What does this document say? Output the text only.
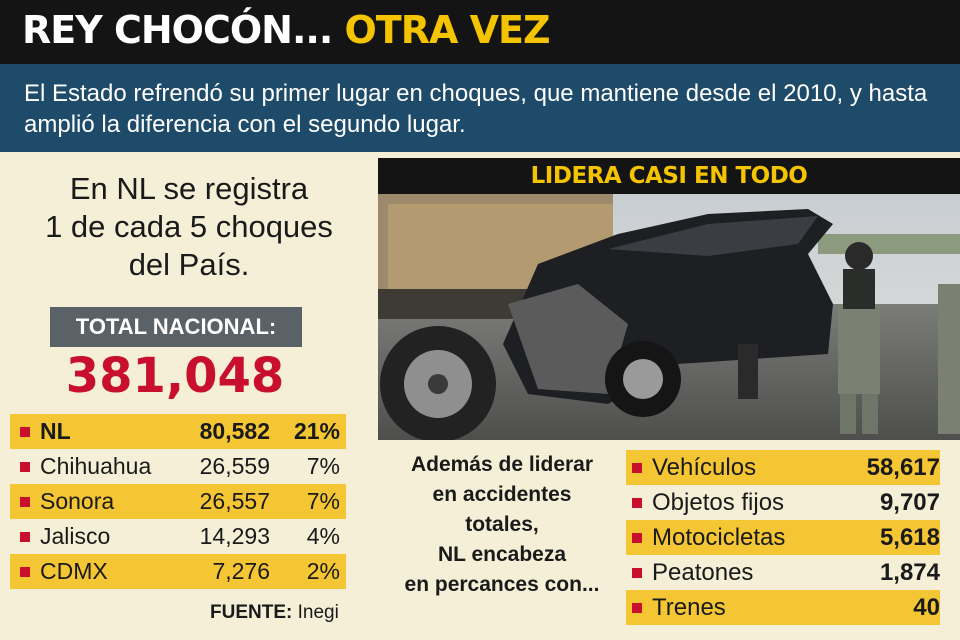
REY CHOCÓN... OTRA VEZ

El Estado refrendó su primer lugar en choques, que mantiene desde el 2010, y hasta amplió la diferencia con el segundo lugar.

En NL se registra
1 de cada 5 choques
del País.
TOTAL NACIONAL:
381,048
NL	80,582	21%
Chihuahua	26,559	7%
Sonora	26,557	7%
Jalisco	14,293	4%
CDMX	7,276	2%
FUENTE: Inegi
LIDERA CASI EN TODO
Además de liderar
en accidentes
totales,
NL encabeza
en percances con...
Vehículos	58,617
Objetos fijos	9,707
Motocicletas	5,618
Peatones	1,874
Trenes	40
